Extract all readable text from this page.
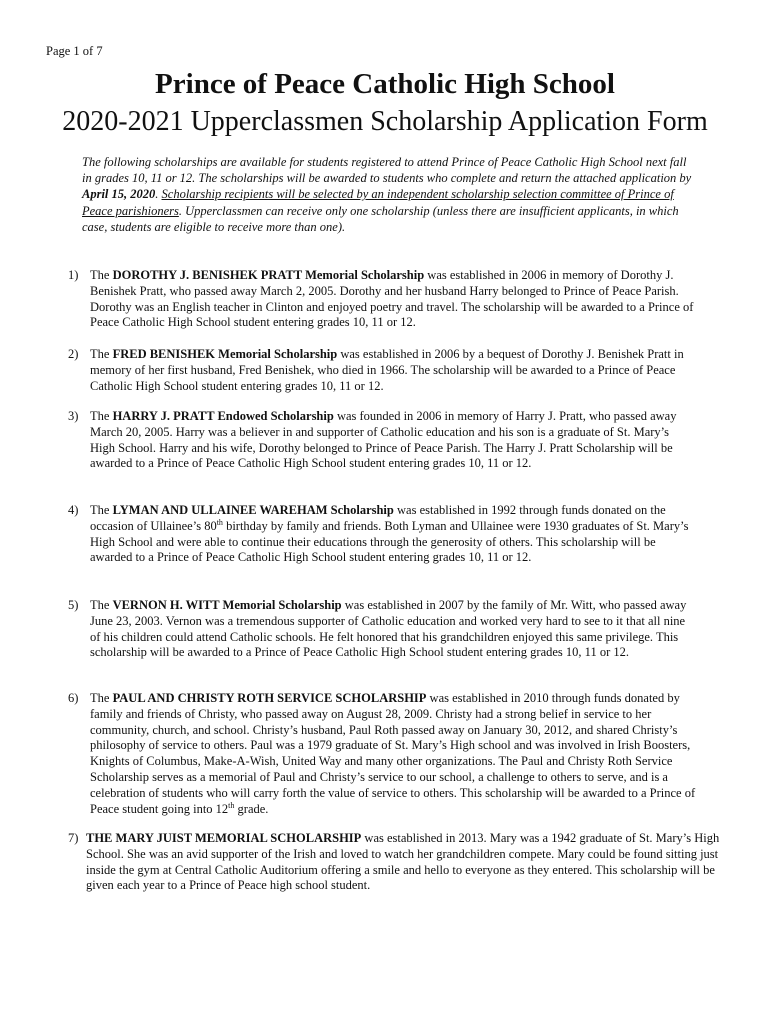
Page 1 of 7
Prince of Peace Catholic High School
2020-2021 Upperclassmen Scholarship Application Form
The following scholarships are available for students registered to attend Prince of Peace Catholic High School next fall in grades 10, 11 or 12. The scholarships will be awarded to students who complete and return the attached application by April 15, 2020. Scholarship recipients will be selected by an independent scholarship selection committee of Prince of Peace parishioners. Upperclassmen can receive only one scholarship (unless there are insufficient applicants, in which case, students are eligible to receive more than one).
1) The DOROTHY J. BENISHEK PRATT Memorial Scholarship was established in 2006 in memory of Dorothy J. Benishek Pratt, who passed away March 2, 2005. Dorothy and her husband Harry belonged to Prince of Peace Parish. Dorothy was an English teacher in Clinton and enjoyed poetry and travel. The scholarship will be awarded to a Prince of Peace Catholic High School student entering grades 10, 11 or 12.
2) The FRED BENISHEK Memorial Scholarship was established in 2006 by a bequest of Dorothy J. Benishek Pratt in memory of her first husband, Fred Benishek, who died in 1966. The scholarship will be awarded to a Prince of Peace Catholic High School student entering grades 10, 11 or 12.
3) The HARRY J. PRATT Endowed Scholarship was founded in 2006 in memory of Harry J. Pratt, who passed away March 20, 2005. Harry was a believer in and supporter of Catholic education and his son is a graduate of St. Mary’s High School. Harry and his wife, Dorothy belonged to Prince of Peace Parish. The Harry J. Pratt Scholarship will be awarded to a Prince of Peace Catholic High School student entering grades 10, 11 or 12.
4) The LYMAN AND ULLAINEE WAREHAM Scholarship was established in 1992 through funds donated on the occasion of Ullainee’s 80th birthday by family and friends. Both Lyman and Ullainee were 1930 graduates of St. Mary’s High School and were able to continue their educations through the generosity of others. This scholarship will be awarded to a Prince of Peace Catholic High School student entering grades 10, 11 or 12.
5) The VERNON H. WITT Memorial Scholarship was established in 2007 by the family of Mr. Witt, who passed away June 23, 2003. Vernon was a tremendous supporter of Catholic education and worked very hard to see to it that all nine of his children could attend Catholic schools. He felt honored that his grandchildren enjoyed this same privilege. This scholarship will be awarded to a Prince of Peace Catholic High School student entering grades 10, 11 or 12.
6) The PAUL AND CHRISTY ROTH SERVICE SCHOLARSHIP was established in 2010 through funds donated by family and friends of Christy, who passed away on August 28, 2009. Christy had a strong belief in service to her community, church, and school. Christy’s husband, Paul Roth passed away on January 30, 2012, and shared Christy’s philosophy of service to others. Paul was a 1979 graduate of St. Mary’s High school and was involved in Irish Boosters, Knights of Columbus, Make-A-Wish, United Way and many other organizations. The Paul and Christy Roth Service Scholarship serves as a memorial of Paul and Christy’s service to our school, a challenge to others to serve, and is a celebration of students who will carry forth the value of service to others. This scholarship will be awarded to a Prince of Peace student going into 12th grade.
7) THE MARY JUIST MEMORIAL SCHOLARSHIP was established in 2013. Mary was a 1942 graduate of St. Mary’s High School. She was an avid supporter of the Irish and loved to watch her grandchildren compete. Mary could be found sitting just inside the gym at Central Catholic Auditorium offering a smile and hello to everyone as they entered. This scholarship will be given each year to a Prince of Peace high school student.
